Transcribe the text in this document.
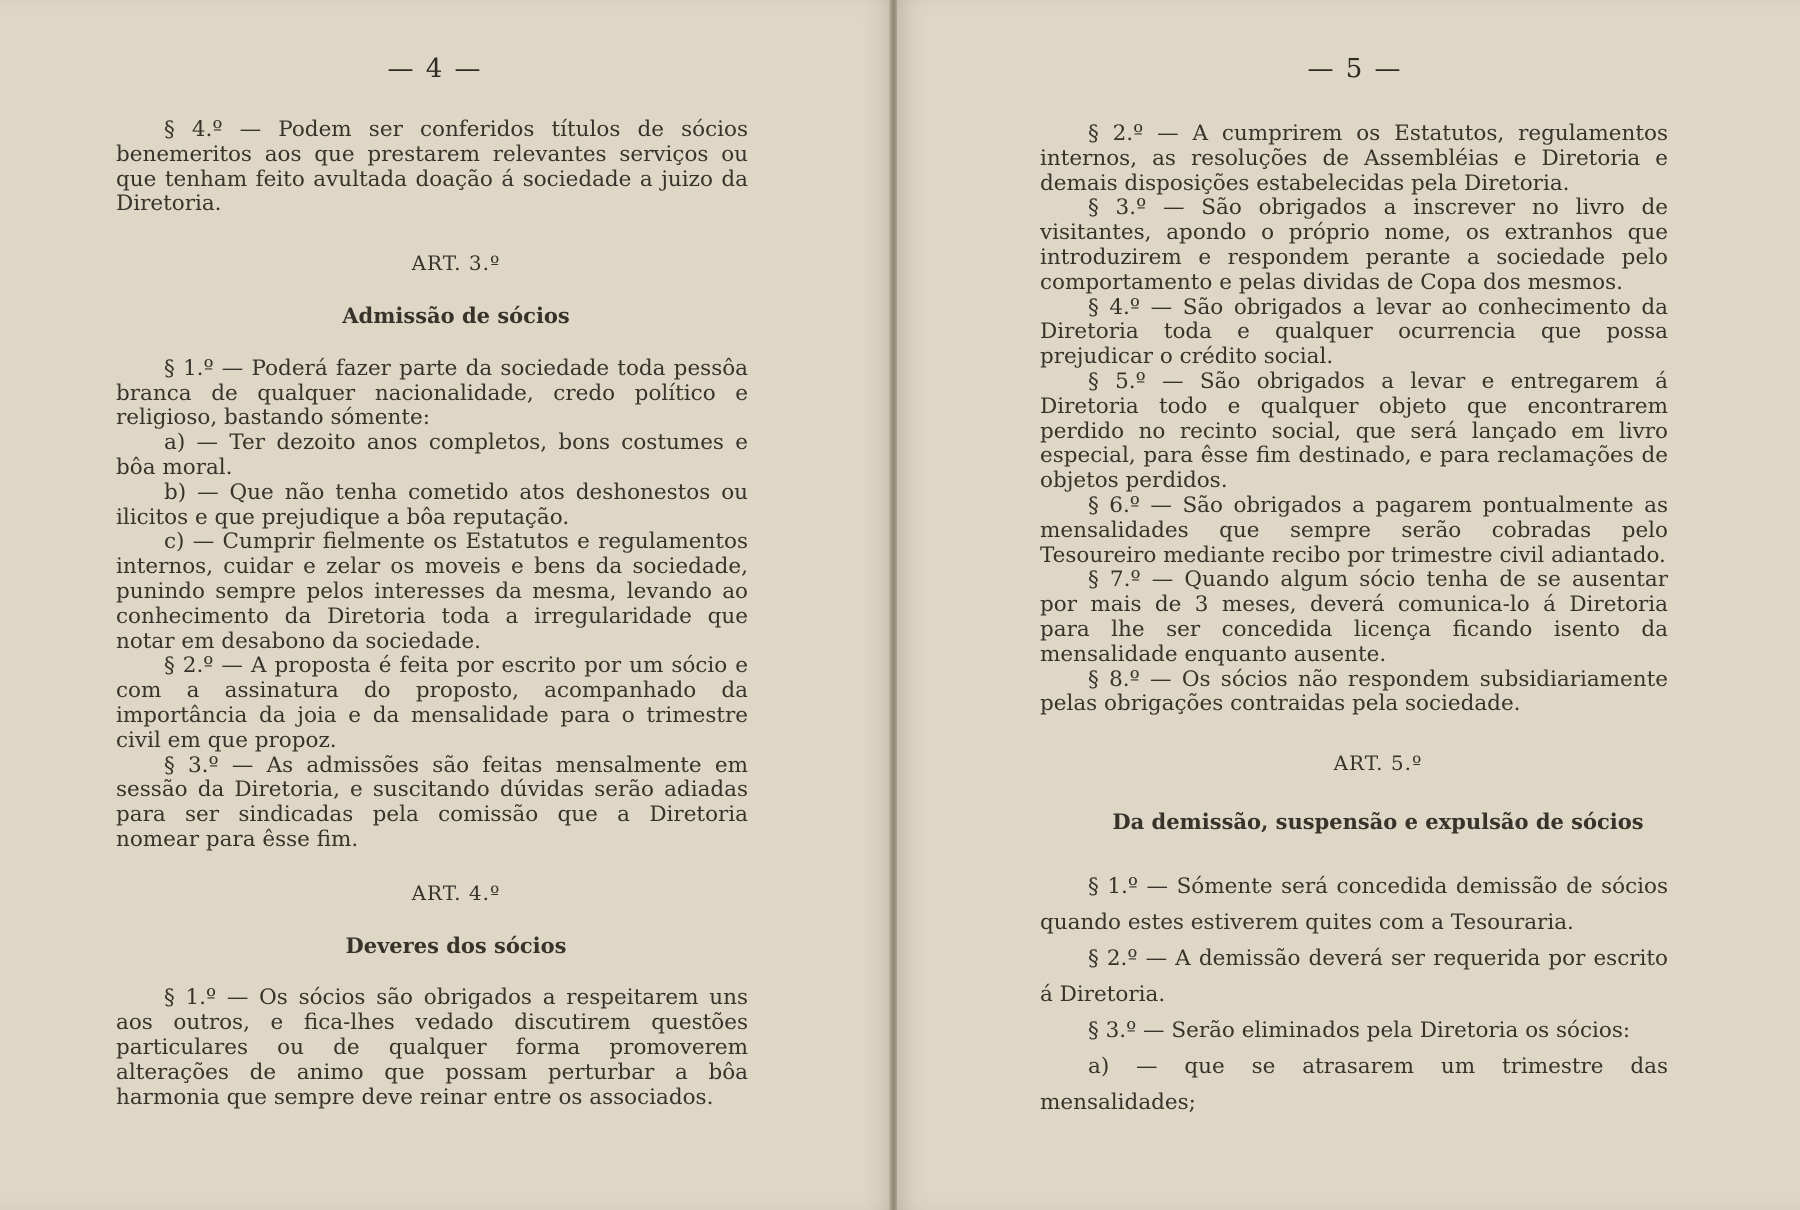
— 4 —

§ 4.º — Podem ser conferidos títulos de sócios benemeritos aos que prestarem relevantes serviços ou que tenham feito avultada doação á sociedade a juizo da Diretoria.

ART. 3.º

Admissão de sócios

§ 1.º — Poderá fazer parte da sociedade toda pessôa branca de qualquer nacionalidade, credo político e religioso, bastando sómente:

a) — Ter dezoito anos completos, bons costumes e bôa moral.

b) — Que não tenha cometido atos deshonestos ou ilicitos e que prejudique a bôa reputação.

c) — Cumprir fielmente os Estatutos e regulamentos internos, cuidar e zelar os moveis e bens da sociedade, punindo sempre pelos interesses da mesma, levando ao conhecimento da Diretoria toda a irregularidade que notar em desabono da sociedade.

§ 2.º — A proposta é feita por escrito por um sócio e com a assinatura do proposto, acompanhado da importância da joia e da mensalidade para o trimestre civil em que propoz.

§ 3.º — As admissões são feitas mensalmente em sessão da Diretoria, e suscitando dúvidas serão adiadas para ser sindicadas pela comissão que a Diretoria nomear para êsse fim.

ART. 4.º

Deveres dos sócios

§ 1.º — Os sócios são obrigados a respeitarem uns aos outros, e fica-lhes vedado discutirem questões particulares ou de qualquer forma promoverem alterações de animo que possam perturbar a bôa harmonia que sempre deve reinar entre os associados.

— 5 —

§ 2.º — A cumprirem os Estatutos, regulamentos internos, as resoluções de Assembléias e Diretoria e demais disposições estabelecidas pela Diretoria.

§ 3.º — São obrigados a inscrever no livro de visitantes, apondo o próprio nome, os extranhos que introduzirem e respondem perante a sociedade pelo comportamento e pelas dividas de Copa dos mesmos.

§ 4.º — São obrigados a levar ao conhecimento da Diretoria toda e qualquer ocurrencia que possa prejudicar o crédito social.

§ 5.º — São obrigados a levar e entregarem á Diretoria todo e qualquer objeto que encontrarem perdido no recinto social, que será lançado em livro especial, para êsse fim destinado, e para reclamações de objetos perdidos.

§ 6.º — São obrigados a pagarem pontualmente as mensalidades que sempre serão cobradas pelo Tesoureiro mediante recibo por trimestre civil adiantado.

§ 7.º — Quando algum sócio tenha de se ausentar por mais de 3 meses, deverá comunica-lo á Diretoria para lhe ser concedida licença ficando isento da mensalidade enquanto ausente.

§ 8.º — Os sócios não respondem subsidiariamente pelas obrigações contraidas pela sociedade.

ART. 5.º

Da demissão, suspensão e expulsão de sócios

§ 1.º — Sómente será concedida demissão de sócios quando estes estiverem quites com a Tesouraria.

§ 2.º — A demissão deverá ser requerida por escrito á Diretoria.

§ 3.º — Serão eliminados pela Diretoria os sócios:

a) — que se atrasarem um trimestre das mensalidades;
